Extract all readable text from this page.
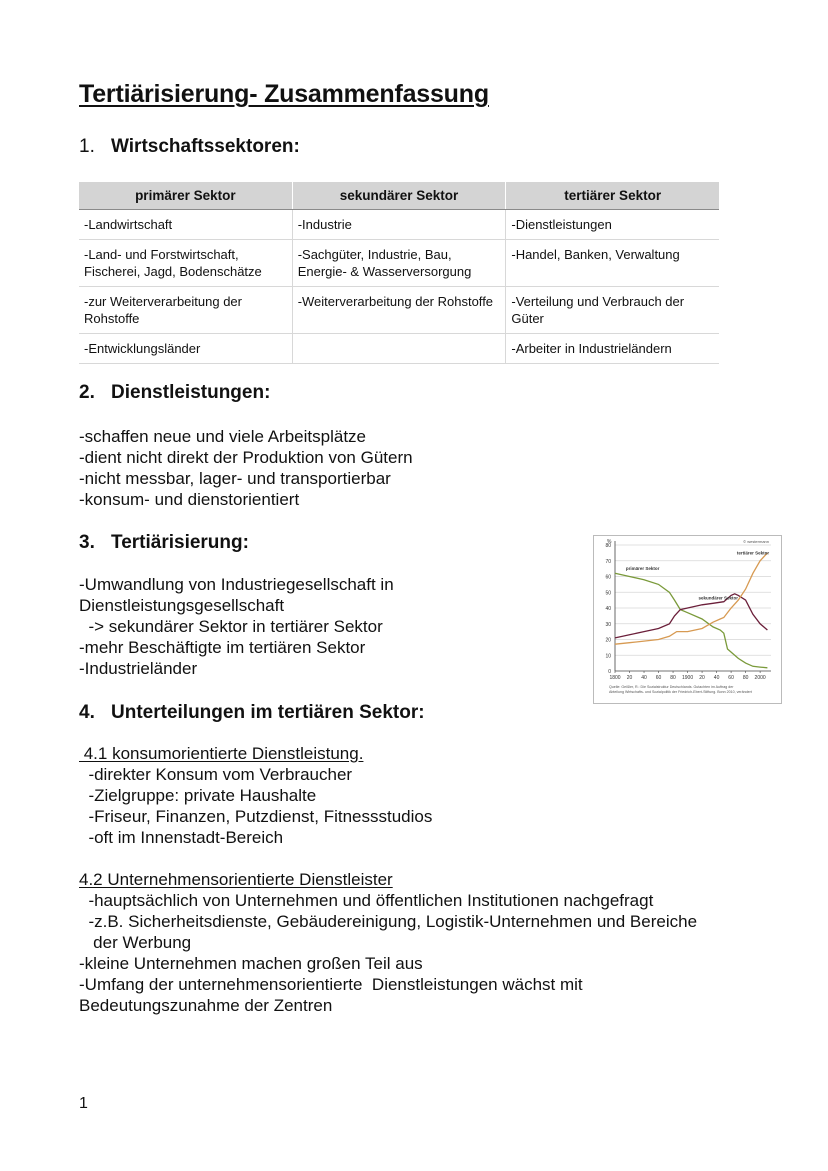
Tertiärisierung- Zusammenfassung
1. Wirtschaftssektoren:
primärer Sektor	sekundärer Sektor	tertiärer Sektor
-Landwirtschaft	-Industrie	-Dienstleistungen
-Land- und Forstwirtschaft, Fischerei, Jagd, Bodenschätze	-Sachgüter, Industrie, Bau, Energie- & Wasserversorgung	-Handel, Banken, Verwaltung
-zur Weiterverarbeitung der Rohstoffe	-Weiterverarbeitung der Rohstoffe	-Verteilung und Verbrauch der Güter
-Entwicklungsländer		-Arbeiter in Industrieländern
2. Dienstleistungen:
-schaffen neue und viele Arbeitsplätze
-dient nicht direkt der Produktion von Gütern
-nicht messbar, lager- und transportierbar
-konsum- und dienstorientiert
3. Tertiärisierung:
-Umwandlung von Industriegesellschaft in
Dienstleistungsgesellschaft
-> sekundärer Sektor in tertiärer Sektor
-mehr Beschäftigte im tertiären Sektor
-Industrieländer	0
10
20
30
40
50
60
70
80
%
1800 20 40 60 80 1900 20 40 60 80 2000
primärer Sektor
sekundärer Sektor
tertiärer Sektor
© westermann
Quelle: Geißler, R.: Die Sozialstruktur Deutschlands. Gutachten im Auftrag der
Abteilung Wirtschafts- und Sozialpolitik der Friedrich-Ebert-Stiftung. Bonn 2010, verändert
4. Unterteilungen im tertiären Sektor:
4.1 konsumorientierte Dienstleistung.
-direkter Konsum vom Verbraucher
-Zielgruppe: private Haushalte
-Friseur, Finanzen, Putzdienst, Fitnessstudios
-oft im Innenstadt-Bereich
4.2 Unternehmensorientierte Dienstleister
-hauptsächlich von Unternehmen und öffentlichen Institutionen nachgefragt
-z.B. Sicherheitsdienste, Gebäudereinigung, Logistik-Unternehmen und Bereiche
der Werbung
-kleine Unternehmen machen großen Teil aus
-Umfang der unternehmensorientierte  Dienstleistungen wächst mit
Bedeutungszunahme der Zentren
1
